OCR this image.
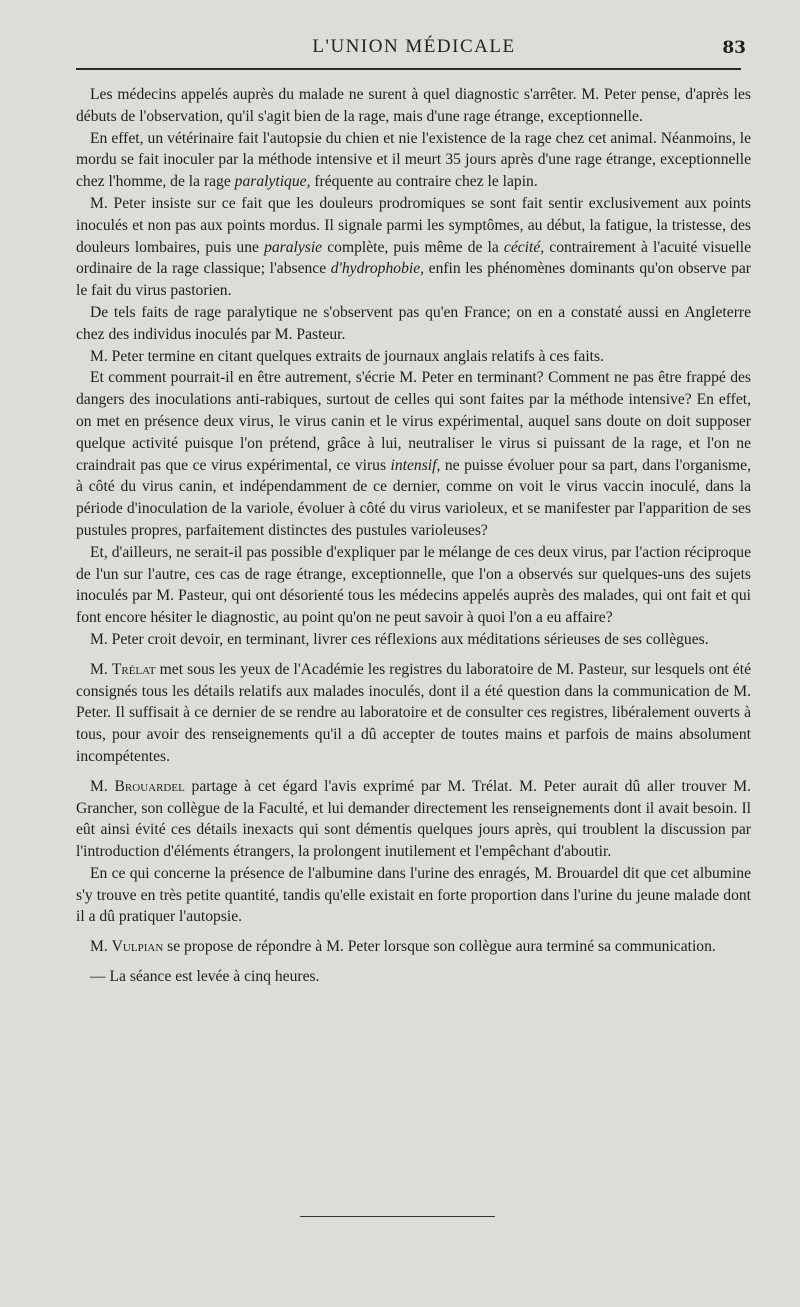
L'UNION MÉDICALE	83

Les médecins appelés auprès du malade ne surent à quel diagnostic s'arrêter. M. Peter pense, d'après les débuts de l'observation, qu'il s'agit bien de la rage, mais d'une rage étrange, exceptionnelle.

En effet, un vétérinaire fait l'autopsie du chien et nie l'existence de la rage chez cet animal. Néanmoins, le mordu se fait inoculer par la méthode intensive et il meurt 35 jours après d'une rage étrange, exceptionnelle chez l'homme, de la rage paralytique, fréquente au contraire chez le lapin.

M. Peter insiste sur ce fait que les douleurs prodromiques se sont fait sentir exclusivement aux points inoculés et non pas aux points mordus. Il signale parmi les symptômes, au début, la fatigue, la tristesse, des douleurs lombaires, puis une paralysie complète, puis même de la cécité, contrairement à l'acuité visuelle ordinaire de la rage classique; l'absence d'hydrophobie, enfin les phénomènes dominants qu'on observe par le fait du virus pastorien.

De tels faits de rage paralytique ne s'observent pas qu'en France; on en a constaté aussi en Angleterre chez des individus inoculés par M. Pasteur.

M. Peter termine en citant quelques extraits de journaux anglais relatifs à ces faits.

Et comment pourrait-il en être autrement, s'écrie M. Peter en terminant? Comment ne pas être frappé des dangers des inoculations anti-rabiques, surtout de celles qui sont faites par la méthode intensive? En effet, on met en présence deux virus, le virus canin et le virus expérimental, auquel sans doute on doit supposer quelque activité puisque l'on prétend, grâce à lui, neutraliser le virus si puissant de la rage, et l'on ne craindrait pas que ce virus expérimental, ce virus intensif, ne puisse évoluer pour sa part, dans l'organisme, à côté du virus canin, et indépendamment de ce dernier, comme on voit le virus vaccin inoculé, dans la période d'inoculation de la variole, évoluer à côté du virus varioleux, et se manifester par l'apparition de ses pustules propres, parfaitement distinctes des pustules varioleuses?

Et, d'ailleurs, ne serait-il pas possible d'expliquer par le mélange de ces deux virus, par l'action réciproque de l'un sur l'autre, ces cas de rage étrange, exceptionnelle, que l'on a observés sur quelques-uns des sujets inoculés par M. Pasteur, qui ont désorienté tous les médecins appelés auprès des malades, qui ont fait et qui font encore hésiter le diagnostic, au point qu'on ne peut savoir à quoi l'on a eu affaire?

M. Peter croit devoir, en terminant, livrer ces réflexions aux méditations sérieuses de ses collègues.

M. Trélat met sous les yeux de l'Académie les registres du laboratoire de M. Pasteur, sur lesquels ont été consignés tous les détails relatifs aux malades inoculés, dont il a été question dans la communication de M. Peter. Il suffisait à ce dernier de se rendre au laboratoire et de consulter ces registres, libéralement ouverts à tous, pour avoir des renseignements qu'il a dû accepter de toutes mains et parfois de mains absolument incompétentes.

M. Brouardel partage à cet égard l'avis exprimé par M. Trélat. M. Peter aurait dû aller trouver M. Grancher, son collègue de la Faculté, et lui demander directement les renseignements dont il avait besoin. Il eût ainsi évité ces détails inexacts qui sont démentis quelques jours après, qui troublent la discussion par l'introduction d'éléments étrangers, la prolongent inutilement et l'empêchant d'aboutir.

En ce qui concerne la présence de l'albumine dans l'urine des enragés, M. Brouardel dit que cet albumine s'y trouve en très petite quantité, tandis qu'elle existait en forte proportion dans l'urine du jeune malade dont il a dû pratiquer l'autopsie.

M. Vulpian se propose de répondre à M. Peter lorsque son collègue aura terminé sa communication.

— La séance est levée à cinq heures.
